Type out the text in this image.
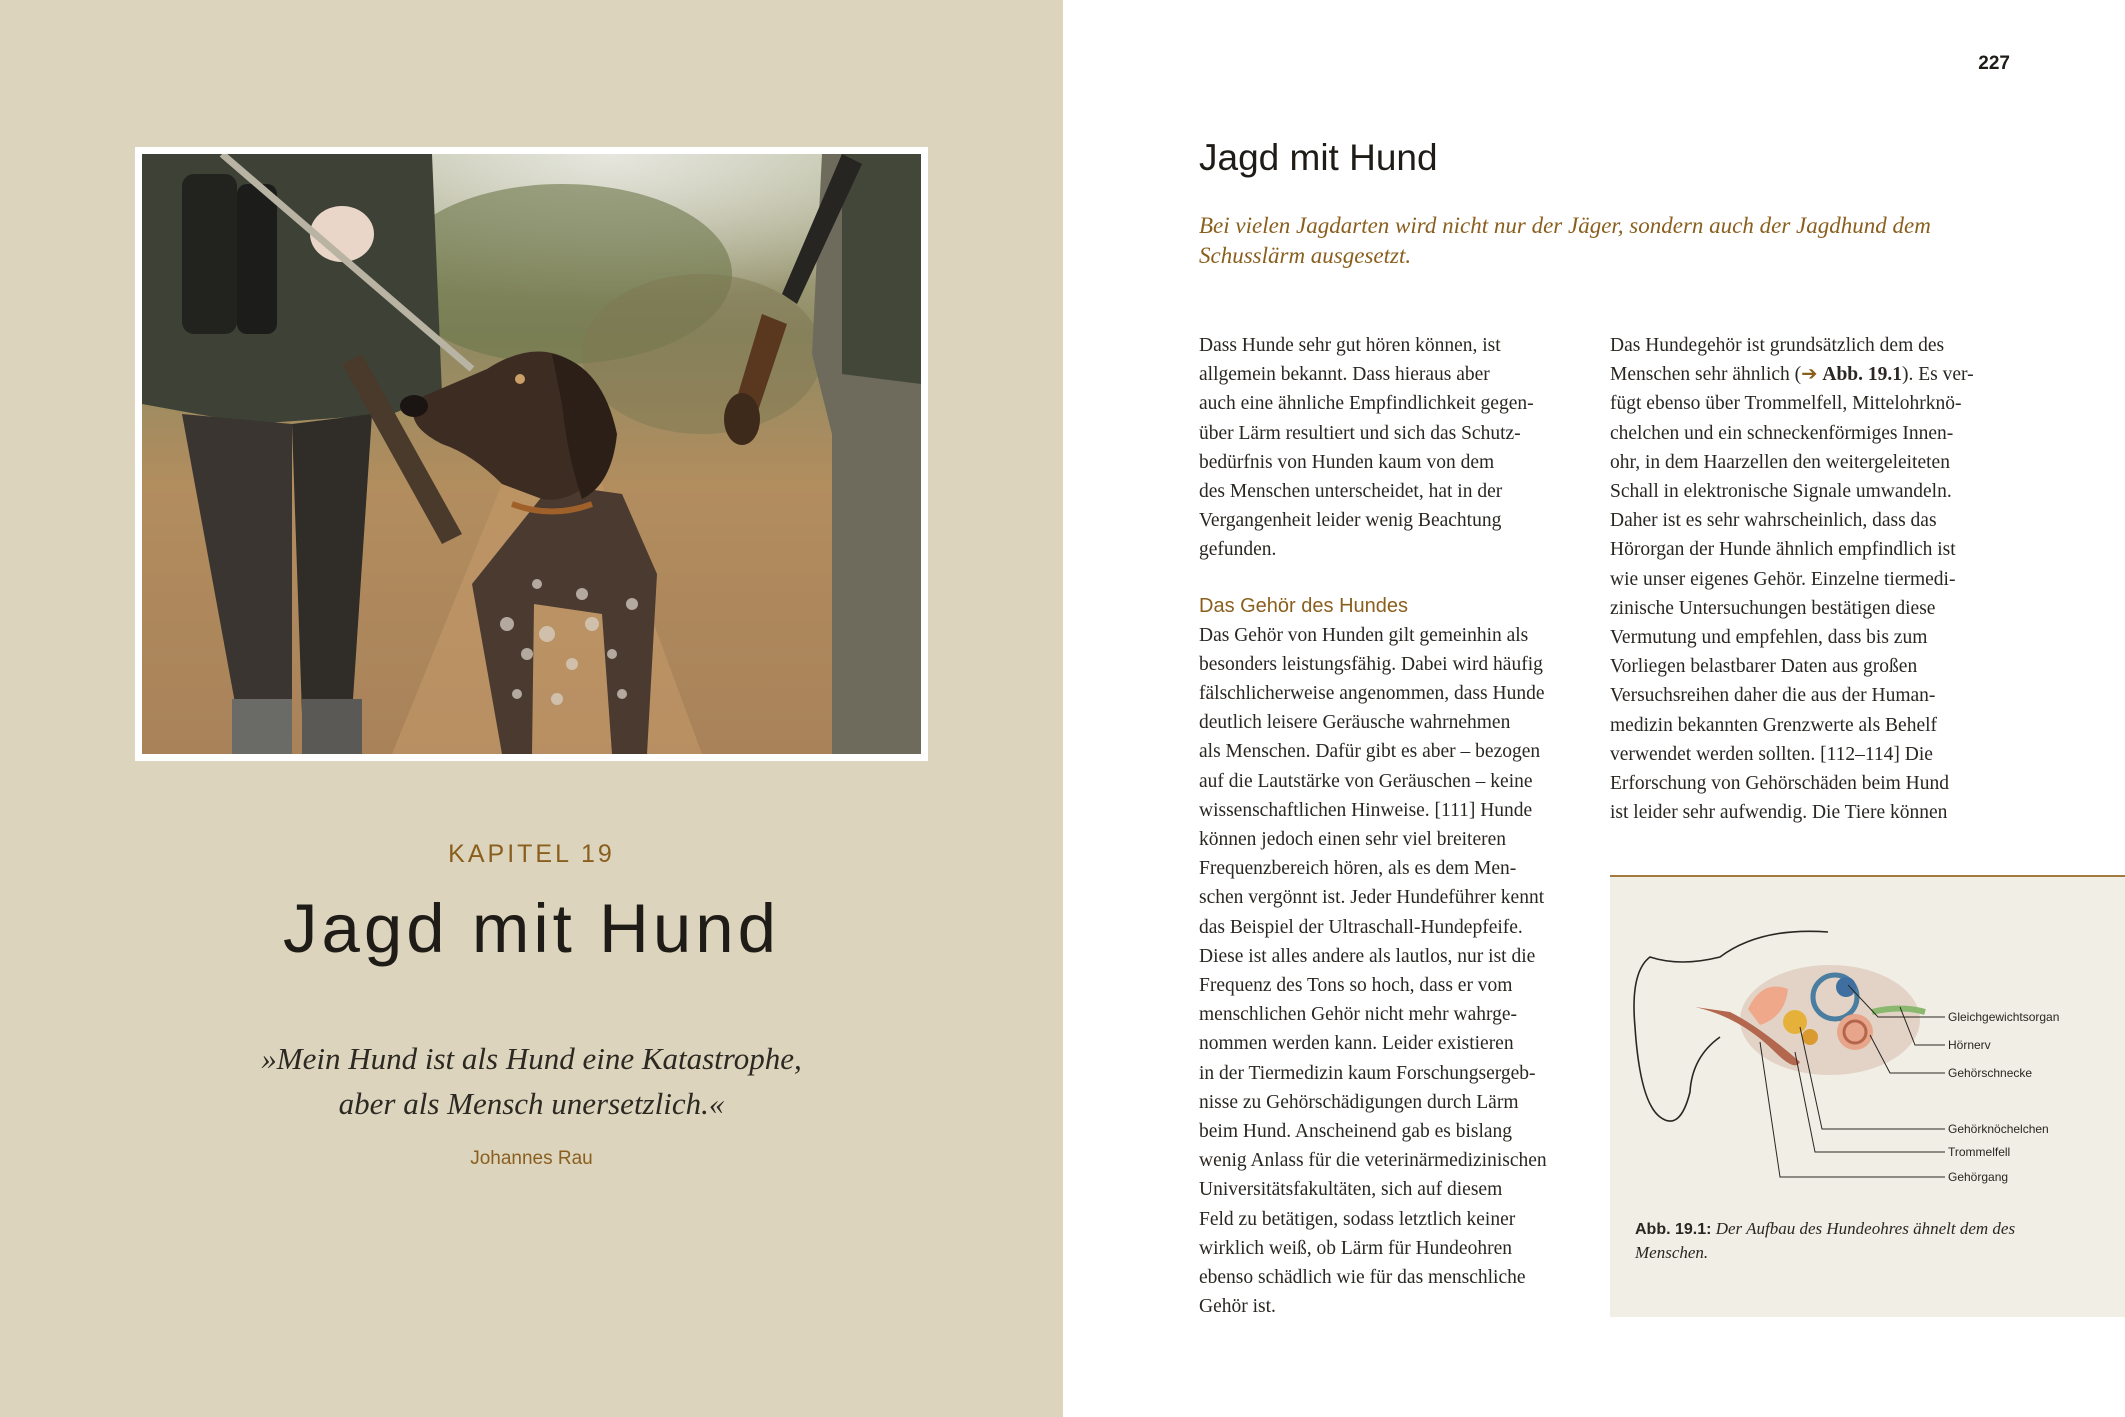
KAPITEL 19
Jagd mit Hund
»Mein Hund ist als Hund eine Katastrophe,
aber als Mensch unersetzlich.«
Johannes Rau
227
Jagd mit Hund
Bei vielen Jagdarten wird nicht nur der Jäger, sondern auch der Jagdhund dem Schusslärm ausgesetzt.
Dass Hunde sehr gut hören können, ist
allgemein bekannt. Dass hieraus aber
auch eine ähnliche Empfindlichkeit gegen-
über Lärm resultiert und sich das Schutz-
bedürfnis von Hunden kaum von dem
des Menschen unterscheidet, hat in der
Vergangenheit leider wenig Beachtung
gefunden.
Das Gehör des Hundes
Das Gehör von Hunden gilt gemeinhin als
besonders leistungsfähig. Dabei wird häufig
fälschlicherweise angenommen, dass Hunde
deutlich leisere Geräusche wahrnehmen
als Menschen. Dafür gibt es aber – bezogen
auf die Lautstärke von Geräuschen – keine
wissenschaftlichen Hinweise. [111] Hunde
können jedoch einen sehr viel breiteren
Frequenzbereich hören, als es dem Men-
schen vergönnt ist. Jeder Hundeführer kennt
das Beispiel der Ultraschall-Hundepfeife.
Diese ist alles andere als lautlos, nur ist die
Frequenz des Tons so hoch, dass er vom
menschlichen Gehör nicht mehr wahrge-
nommen werden kann. Leider existieren
in der Tiermedizin kaum Forschungsergeb-
nisse zu Gehörschädigungen durch Lärm
beim Hund. Anscheinend gab es bislang
wenig Anlass für die veterinärmedizinischen
Universitätsfakultäten, sich auf diesem
Feld zu betätigen, sodass letztlich keiner
wirklich weiß, ob Lärm für Hundeohren
ebenso schädlich wie für das menschliche
Gehör ist.
Das Hundegehör ist grundsätzlich dem des
Menschen sehr ähnlich (➔ Abb. 19.1). Es ver-
fügt ebenso über Trommelfell, Mittelohrknö-
chelchen und ein schneckenförmiges Innen-
ohr, in dem Haarzellen den weitergeleiteten
Schall in elektronische Signale umwandeln.
Daher ist es sehr wahrscheinlich, dass das
Hörorgan der Hunde ähnlich empfindlich ist
wie unser eigenes Gehör. Einzelne tiermedi-
zinische Untersuchungen bestätigen diese
Vermutung und empfehlen, dass bis zum
Vorliegen belastbarer Daten aus großen
Versuchsreihen daher die aus der Human-
medizin bekannten Grenzwerte als Behelf
verwendet werden sollten. [112–114] Die
Erforschung von Gehörschäden beim Hund
ist leider sehr aufwendig. Die Tiere können
Gleichgewichtsorgan
Hörnerv
Gehörschnecke
Gehörknöchelchen
Trommelfell
Gehörgang
Abb. 19.1: Der Aufbau des Hundeohres ähnelt dem des Menschen.
